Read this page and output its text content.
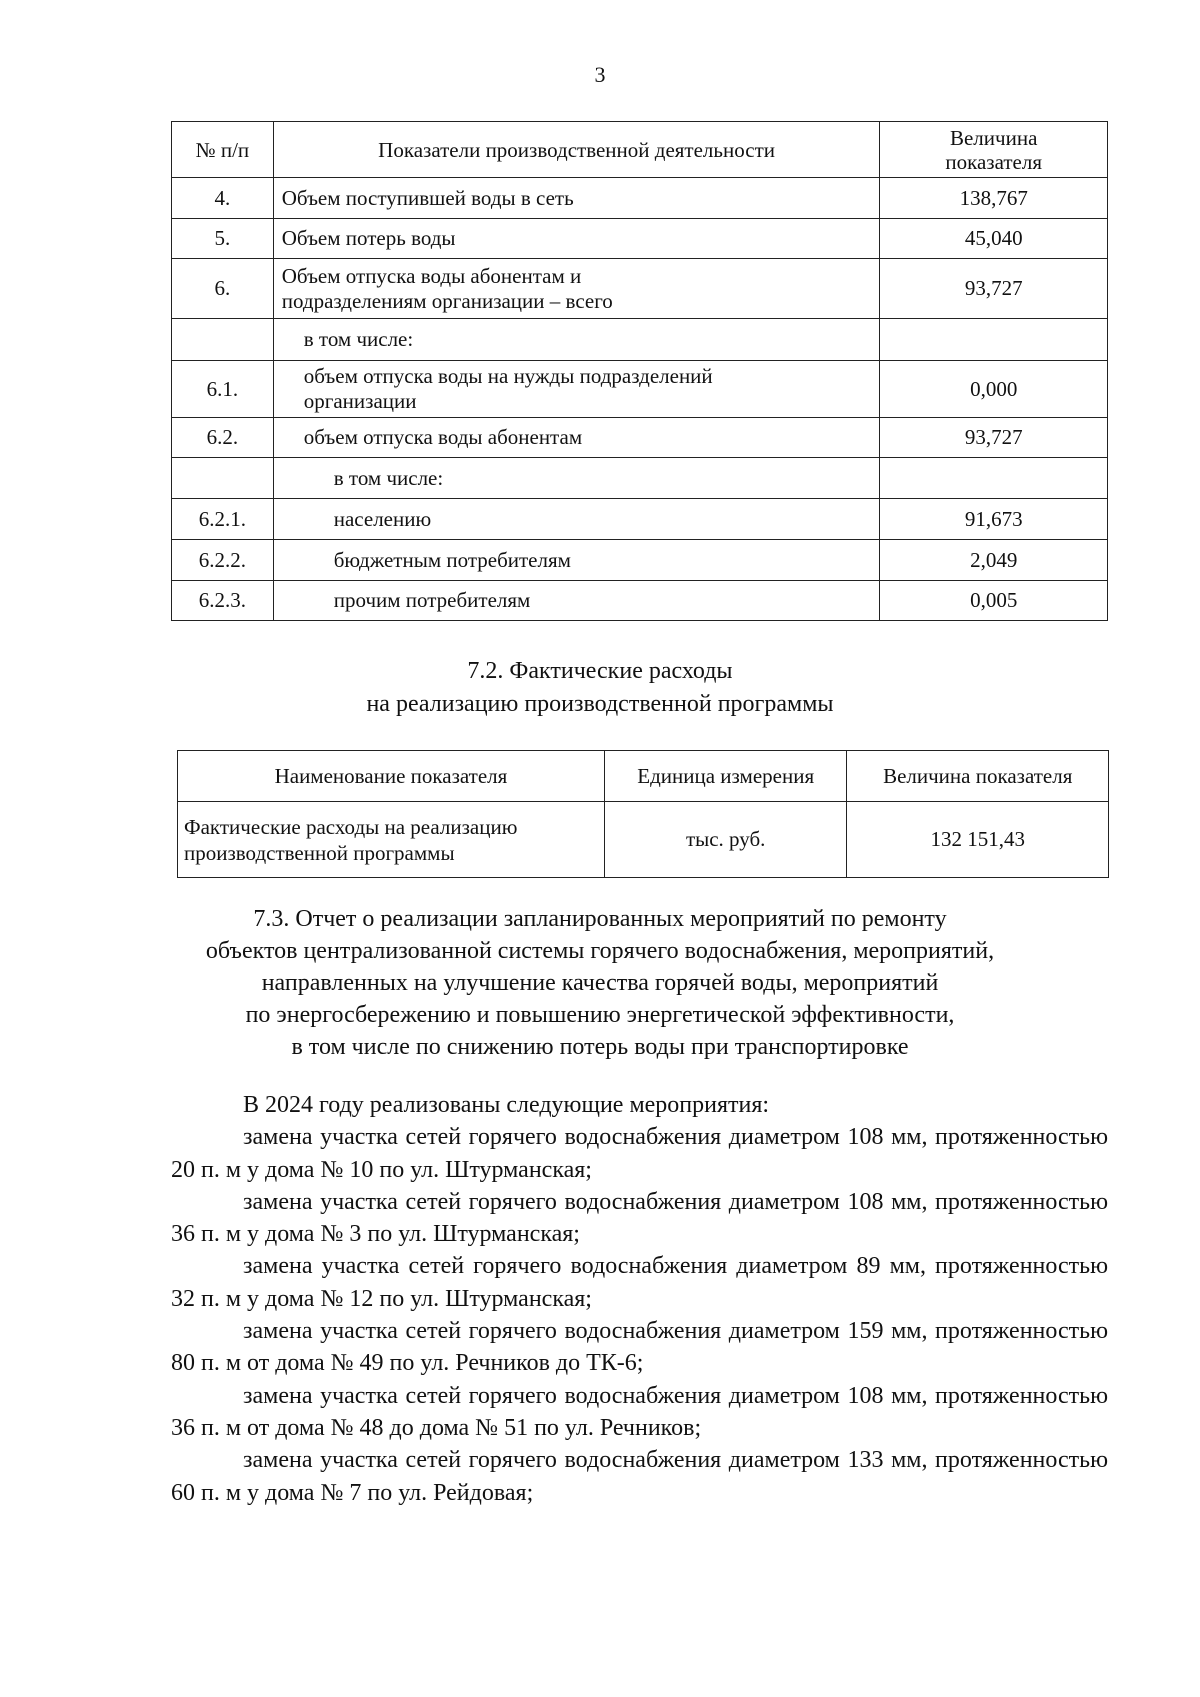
3
№ п/п	Показатели производственной деятельности	Величина показателя

4.	Объем поступившей воды в сеть	138,767
5.	Объем потерь воды	45,040
6.	Объем отпуска воды абонентам и подразделениям организации – всего	93,727
	в том числе:	
6.1.	объем отпуска воды на нужды подразделений организации	0,000
6.2.	объем отпуска воды абонентам	93,727
	в том числе:	
6.2.1.	населению	91,673
6.2.2.	бюджетным потребителям	2,049
6.2.3.	прочим потребителям	0,005
7.2. Фактические расходы
на реализацию производственной программы
Наименование показателя	Единица измерения	Величина показателя

Фактические расходы на реализацию производственной программы	тыс. руб.	132 151,43
7.3. Отчет о реализации запланированных мероприятий по ремонту
объектов централизованной системы горячего водоснабжения, мероприятий,
направленных на улучшение качества горячей воды, мероприятий
по энергосбережению и повышению энергетической эффективности,
в том числе по снижению потерь воды при транспортировке

В 2024 году реализованы следующие мероприятия:

замена участка сетей горячего водоснабжения диаметром 108 мм, протяженностью 20 п. м у дома № 10 по ул. Штурманская;

замена участка сетей горячего водоснабжения диаметром 108 мм, протяженностью 36 п. м у дома № 3 по ул. Штурманская;

замена участка сетей горячего водоснабжения диаметром 89 мм, протяженностью 32 п. м у дома № 12 по ул. Штурманская;

замена участка сетей горячего водоснабжения диаметром 159 мм, протяженностью 80 п. м от дома № 49 по ул. Речников до ТК-6;

замена участка сетей горячего водоснабжения диаметром 108 мм, протяженностью 36 п. м от дома № 48 до дома № 51 по ул. Речников;

замена участка сетей горячего водоснабжения диаметром 133 мм, протяженностью 60 п. м у дома № 7 по ул. Рейдовая;
